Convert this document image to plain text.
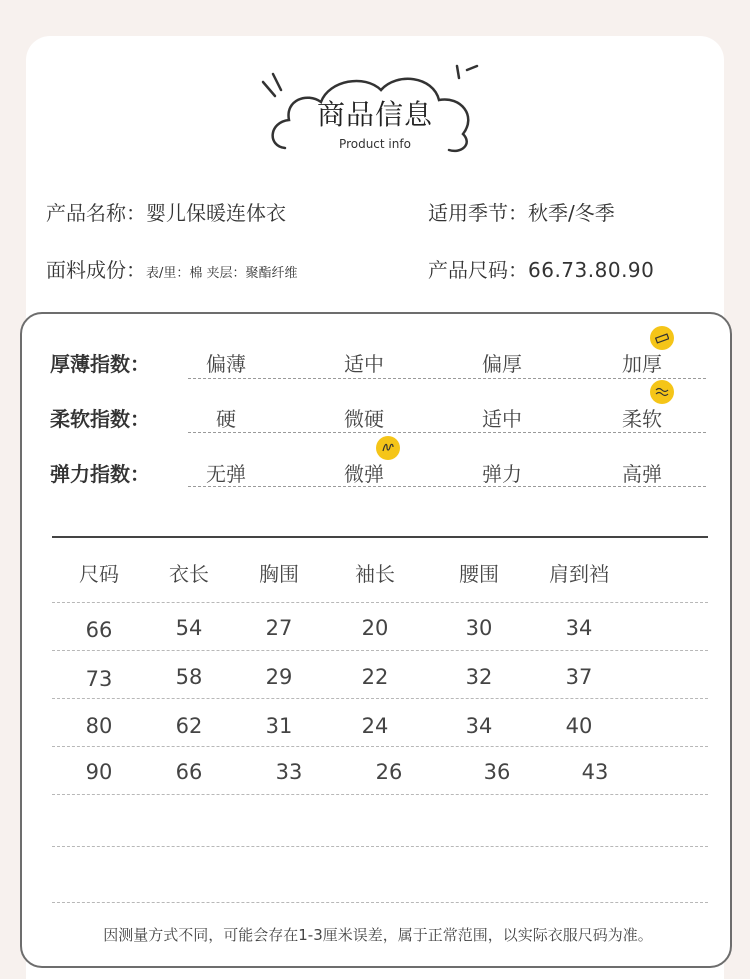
商品信息
Product info
产品名称：婴儿保暖连体衣	适用季节：秋季/冬季
面料成份：表/里：棉 夹层：聚酯纤维	产品尺码：66.73.80.90
厚薄指数：	偏薄	适中	偏厚	加厚
柔软指数：	硬	微硬	适中	柔软
弹力指数：	无弹	微弹	弹力	高弹
尺码	衣长	胸围	袖长	腰围	肩到裆
66	54	27	20	30	34
73	58	29	22	32	37
80	62	31	24	34	40
90	66	33	26	36	43
因测量方式不同，可能会存在1-3厘米误差，属于正常范围，以实际衣服尺码为准。
